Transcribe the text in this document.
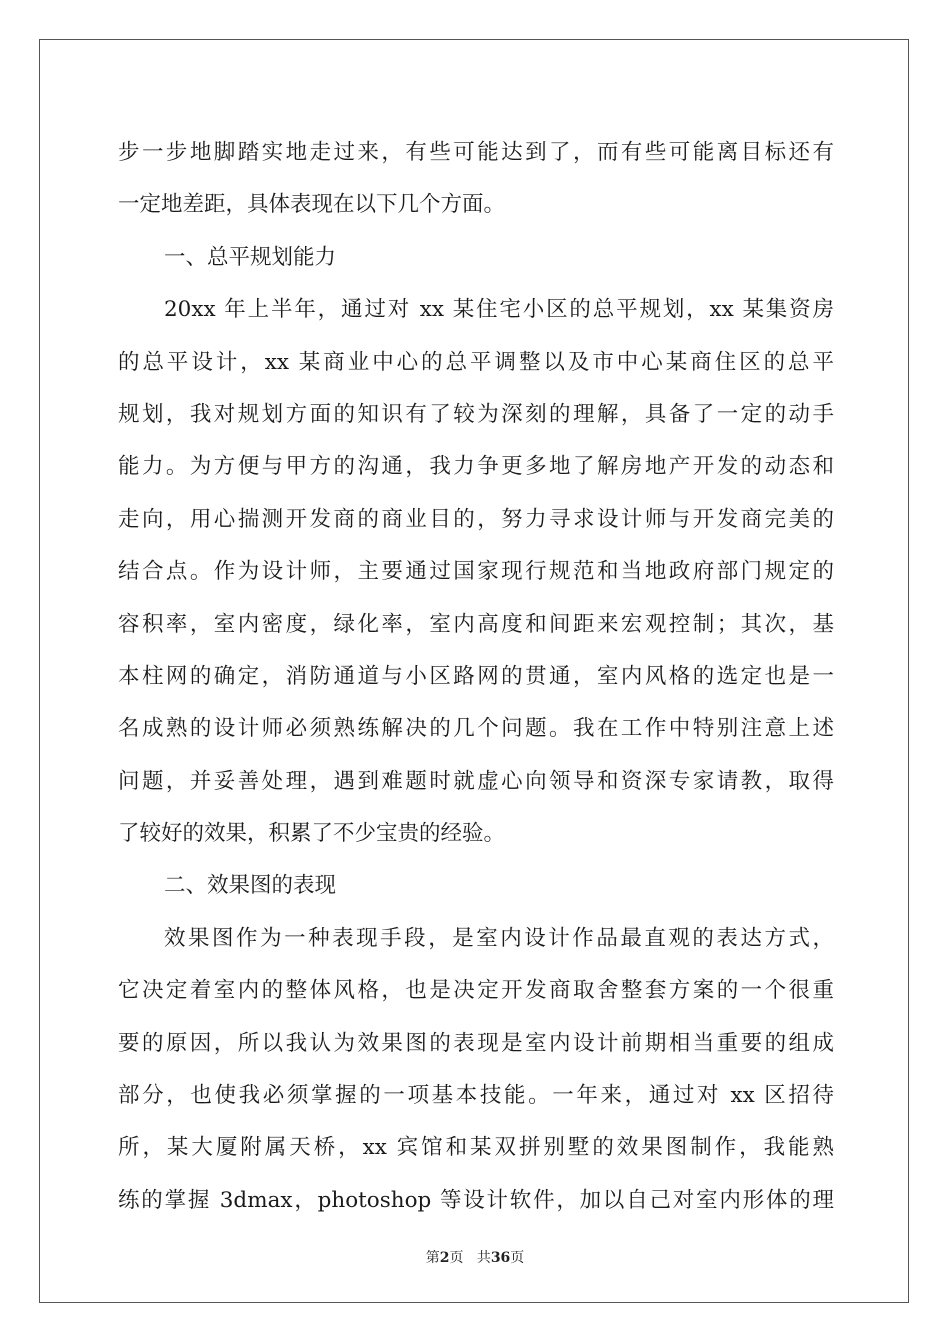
步一步地脚踏实地走过来，有些可能达到了，而有些可能离目标还有
一定地差距，具体表现在以下几个方面。
一、总平规划能力
20xx 年上半年，通过对 xx 某住宅小区的总平规划，xx 某集资房
的总平设计，xx 某商业中心的总平调整以及市中心某商住区的总平
规划，我对规划方面的知识有了较为深刻的理解，具备了一定的动手
能力。为方便与甲方的沟通，我力争更多地了解房地产开发的动态和
走向，用心揣测开发商的商业目的，努力寻求设计师与开发商完美的
结合点。作为设计师，主要通过国家现行规范和当地政府部门规定的
容积率，室内密度，绿化率，室内高度和间距来宏观控制；其次，基
本柱网的确定，消防通道与小区路网的贯通，室内风格的选定也是一
名成熟的设计师必须熟练解决的几个问题。我在工作中特别注意上述
问题，并妥善处理，遇到难题时就虚心向领导和资深专家请教，取得
了较好的效果，积累了不少宝贵的经验。
二、效果图的表现
效果图作为一种表现手段，是室内设计作品最直观的表达方式，
它决定着室内的整体风格，也是决定开发商取舍整套方案的一个很重
要的原因，所以我认为效果图的表现是室内设计前期相当重要的组成
部分，也使我必须掌握的一项基本技能。一年来，通过对 xx 区招待
所，某大厦附属天桥，xx 宾馆和某双拼别墅的效果图制作，我能熟
练的掌握 3dmax，photoshop 等设计软件，加以自己对室内形体的理
第2页 共36页
